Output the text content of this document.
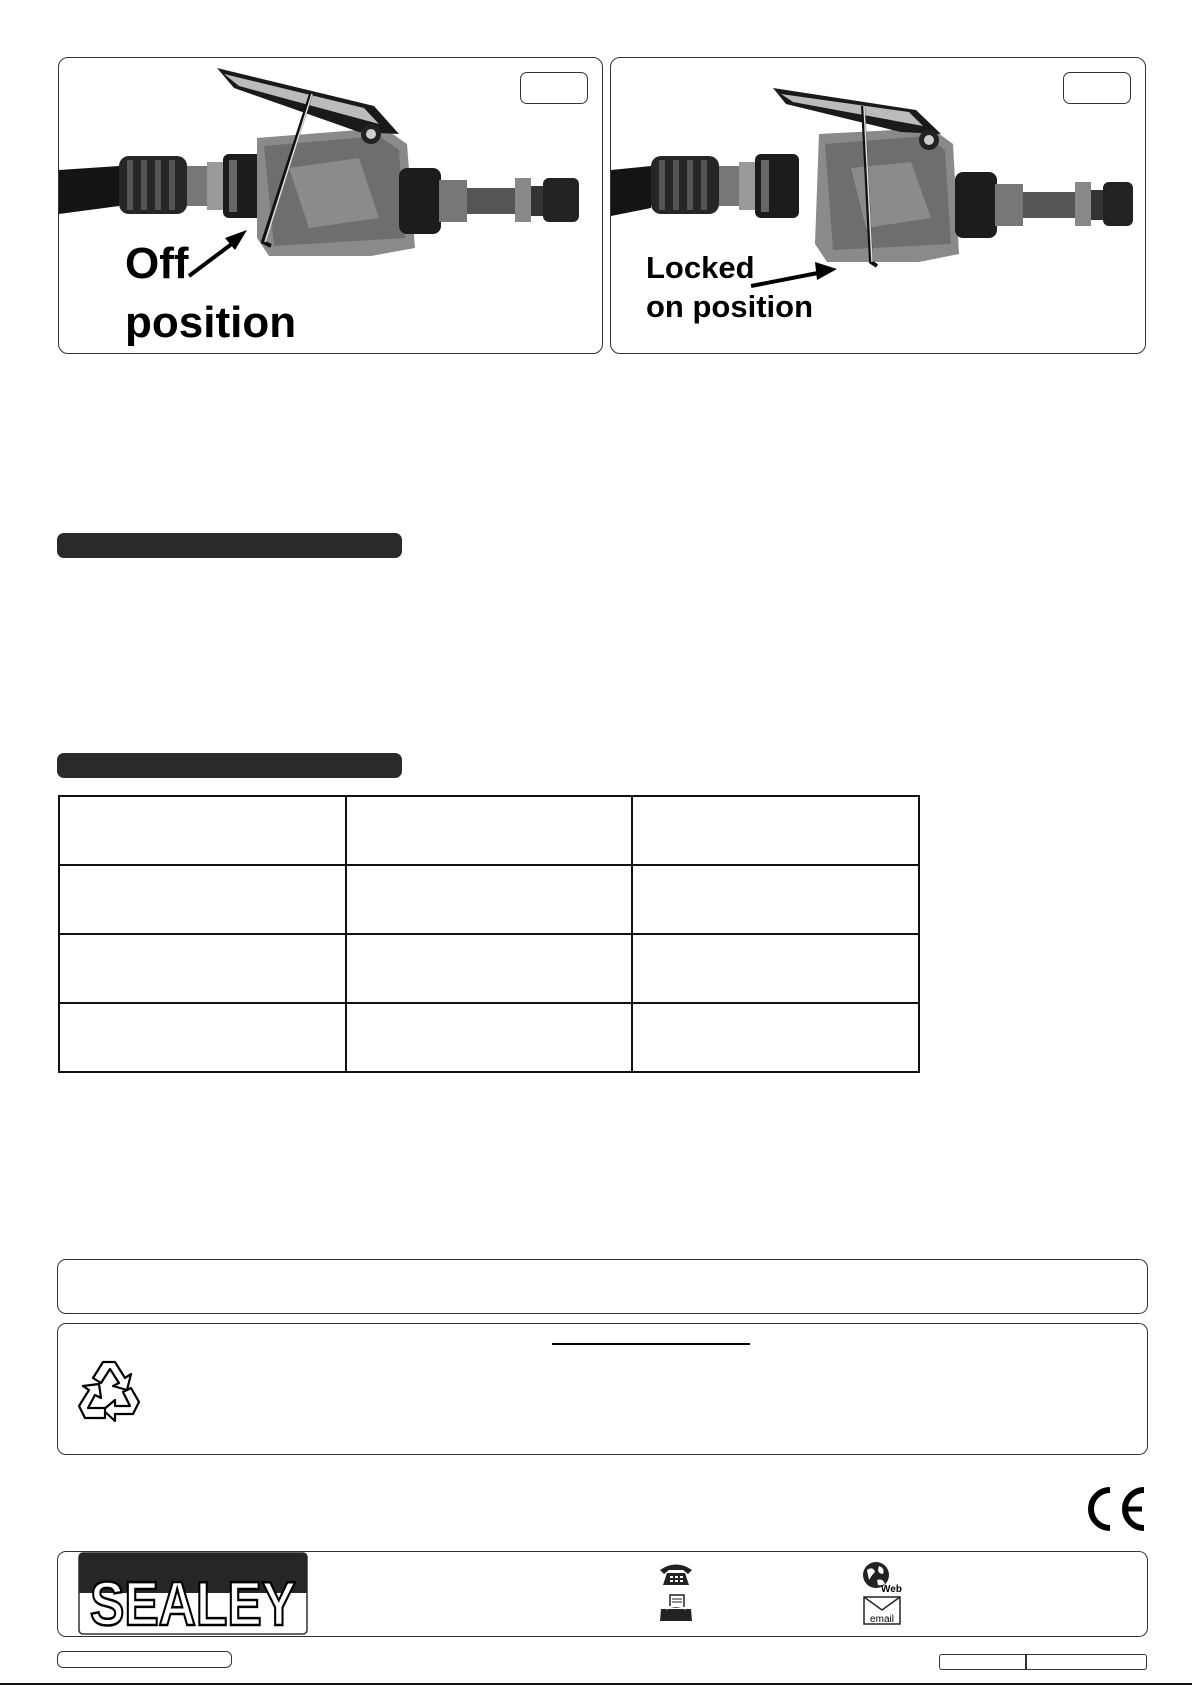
Off
position
Locked
on position

SEALEY	Web
email
